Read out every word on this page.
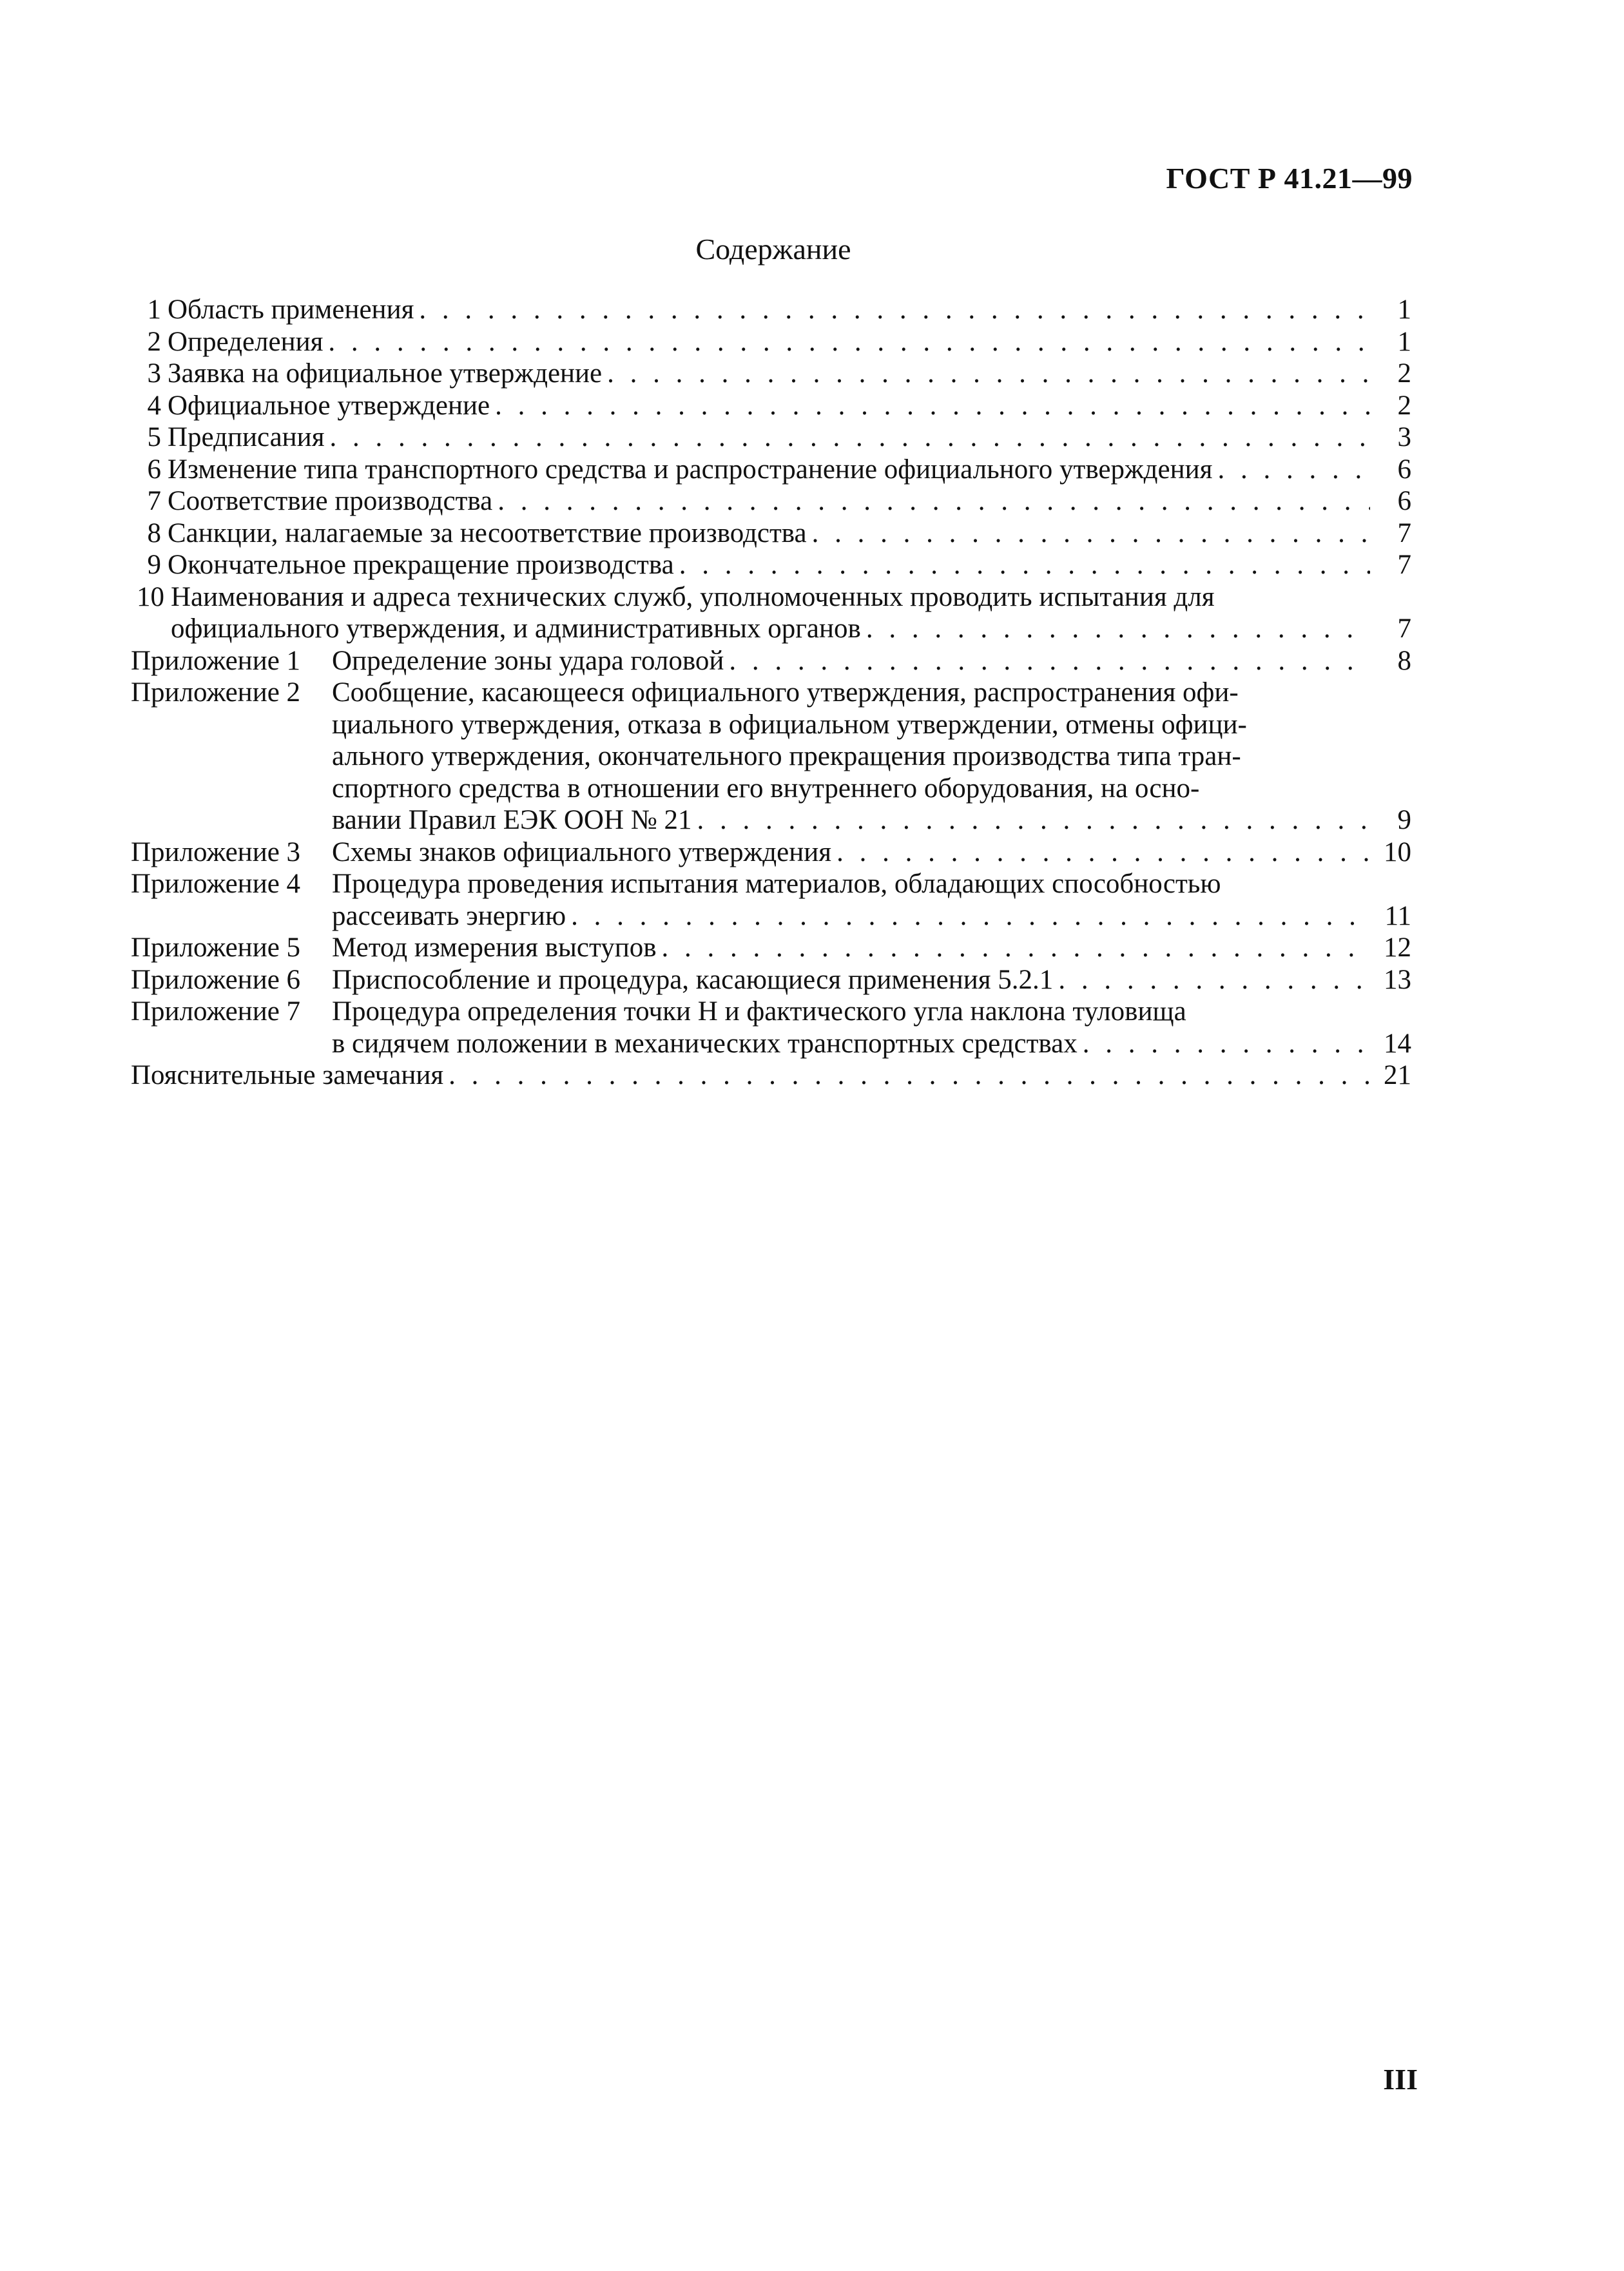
ГОСТ Р 41.21—99
Содержание
1 Область применения . . .	1
2 Определения . . .	1
3 Заявка на официальное утверждение . . .	2
4 Официальное утверждение . . .	2
5 Предписания . . .	3
6 Изменение типа транспортного средства и распространение официального утверждения . . .	6
7 Соответствие производства . . .	6
8 Санкции, налагаемые за несоответствие производства . . .	7
9 Окончательное прекращение производства . . .	7
10 Наименования и адреса технических служб, уполномоченных проводить испытания для
официального утверждения, и административных органов . . .	7
Приложение 1	Определение зоны удара головой . . .	8
Приложение 2	Сообщение, касающееся официального утверждения, распространения офи-
циального утверждения, отказа в официальном утверждении, отмены офици-
ального утверждения, окончательного прекращения производства типа тран-
спортного средства в отношении его внутреннего оборудования, на осно-
вании Правил ЕЭК ООН № 21 . . .	9
Приложение 3	Схемы знаков официального утверждения . . .	10
Приложение 4	Процедура проведения испытания материалов, обладающих способностью
рассеивать энергию . . .	11
Приложение 5	Метод измерения выступов . . .	12
Приложение 6	Приспособление и процедура, касающиеся применения 5.2.1 . . .	13
Приложение 7	Процедура определения точки H и фактического угла наклона туловища
в сидячем положении в механических транспортных средствах . . .	14
Пояснительные замечания . . .	21
III
